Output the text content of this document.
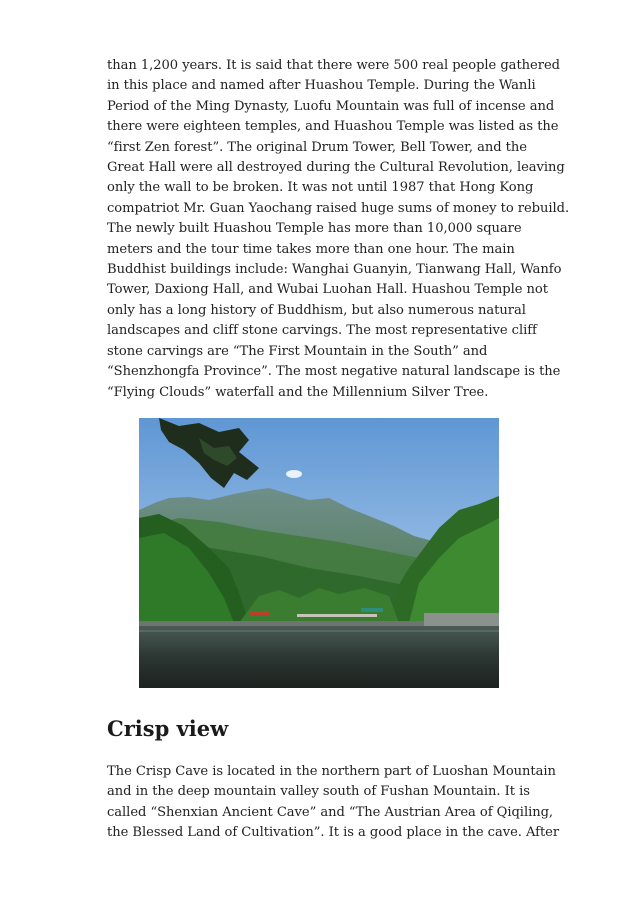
than 1,200 years. It is said that there were 500 real people gathered
in this place and named after Huashou Temple. During the Wanli
Period of the Ming Dynasty, Luofu Mountain was full of incense and
there were eighteen temples, and Huashou Temple was listed as the
“first Zen forest”. The original Drum Tower, Bell Tower, and the
Great Hall were all destroyed during the Cultural Revolution, leaving
only the wall to be broken. It was not until 1987 that Hong Kong
compatriot Mr. Guan Yaochang raised huge sums of money to rebuild.
The newly built Huashou Temple has more than 10,000 square
meters and the tour time takes more than one hour. The main
Buddhist buildings include: Wanghai Guanyin, Tianwang Hall, Wanfo
Tower, Daxiong Hall, and Wubai Luohan Hall. Huashou Temple not
only has a long history of Buddhism, but also numerous natural
landscapes and cliff stone carvings. The most representative cliff
stone carvings are “The First Mountain in the South” and
“Shenzhongfa Province”. The most negative natural landscape is the
“Flying Clouds” waterfall and the Millennium Silver Tree.

Crisp view

The Crisp Cave is located in the northern part of Luoshan Mountain
and in the deep mountain valley south of Fushan Mountain. It is
called “Shenxian Ancient Cave” and “The Austrian Area of Qiqiling,
the Blessed Land of Cultivation”. It is a good place in the cave. After
